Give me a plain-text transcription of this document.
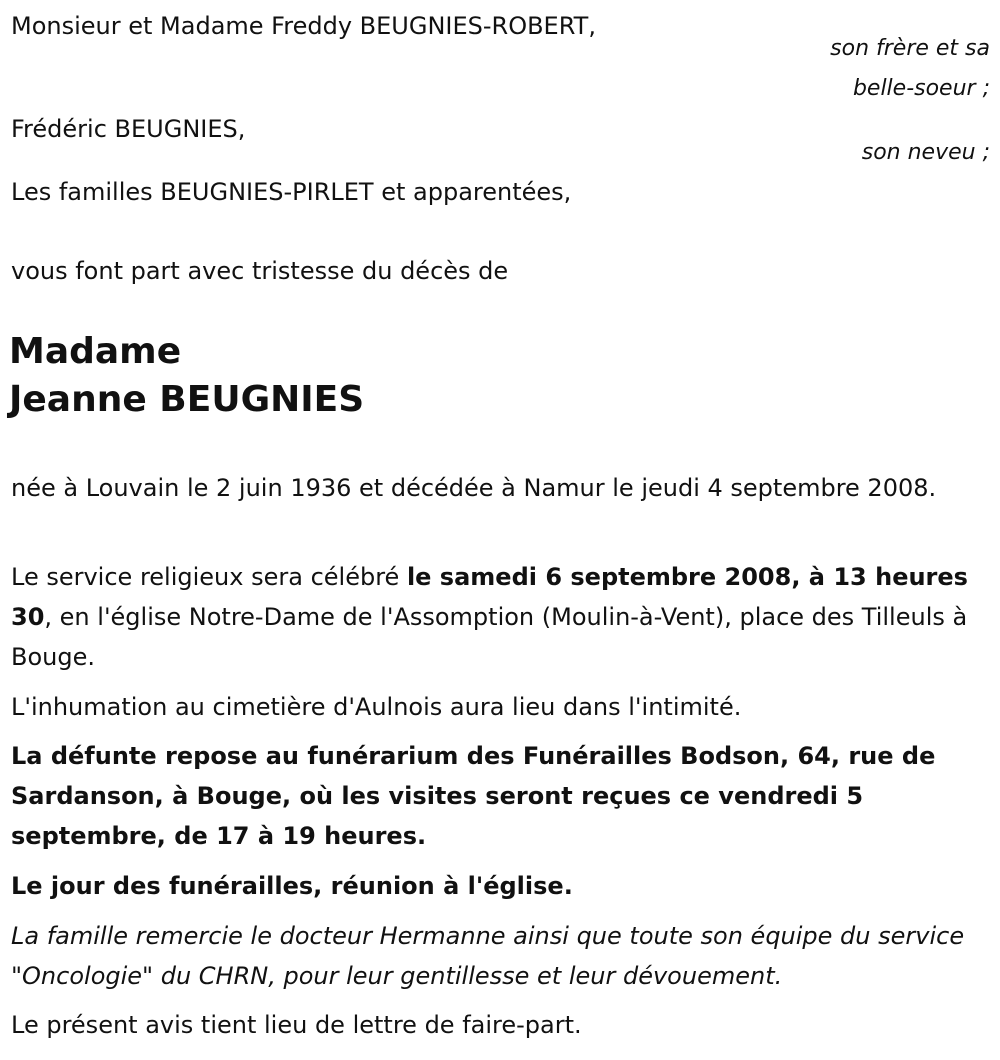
Monsieur et Madame Freddy BEUGNIES-ROBERT,
son frère et sa
belle-soeur ;
Frédéric BEUGNIES,
son neveu ;
Les familles BEUGNIES-PIRLET et apparentées,
vous font part avec tristesse du décès de
Madame
Jeanne BEUGNIES
née à Louvain le 2 juin 1936 et décédée à Namur le jeudi 4 septembre 2008.
Le service religieux sera célébré le samedi 6 septembre 2008, à 13 heures 30, en l'église Notre-Dame de l'Assomption (Moulin-à-Vent), place des Tilleuls à Bouge.
L'inhumation au cimetière d'Aulnois aura lieu dans l'intimité.
La défunte repose au funérarium des Funérailles Bodson, 64, rue de Sardanson, à Bouge, où les visites seront reçues ce vendredi 5 septembre, de 17 à 19 heures.
Le jour des funérailles, réunion à l'église.
La famille remercie le docteur Hermanne ainsi que toute son équipe du service "Oncologie" du CHRN, pour leur gentillesse et leur dévouement.
Le présent avis tient lieu de lettre de faire-part.
